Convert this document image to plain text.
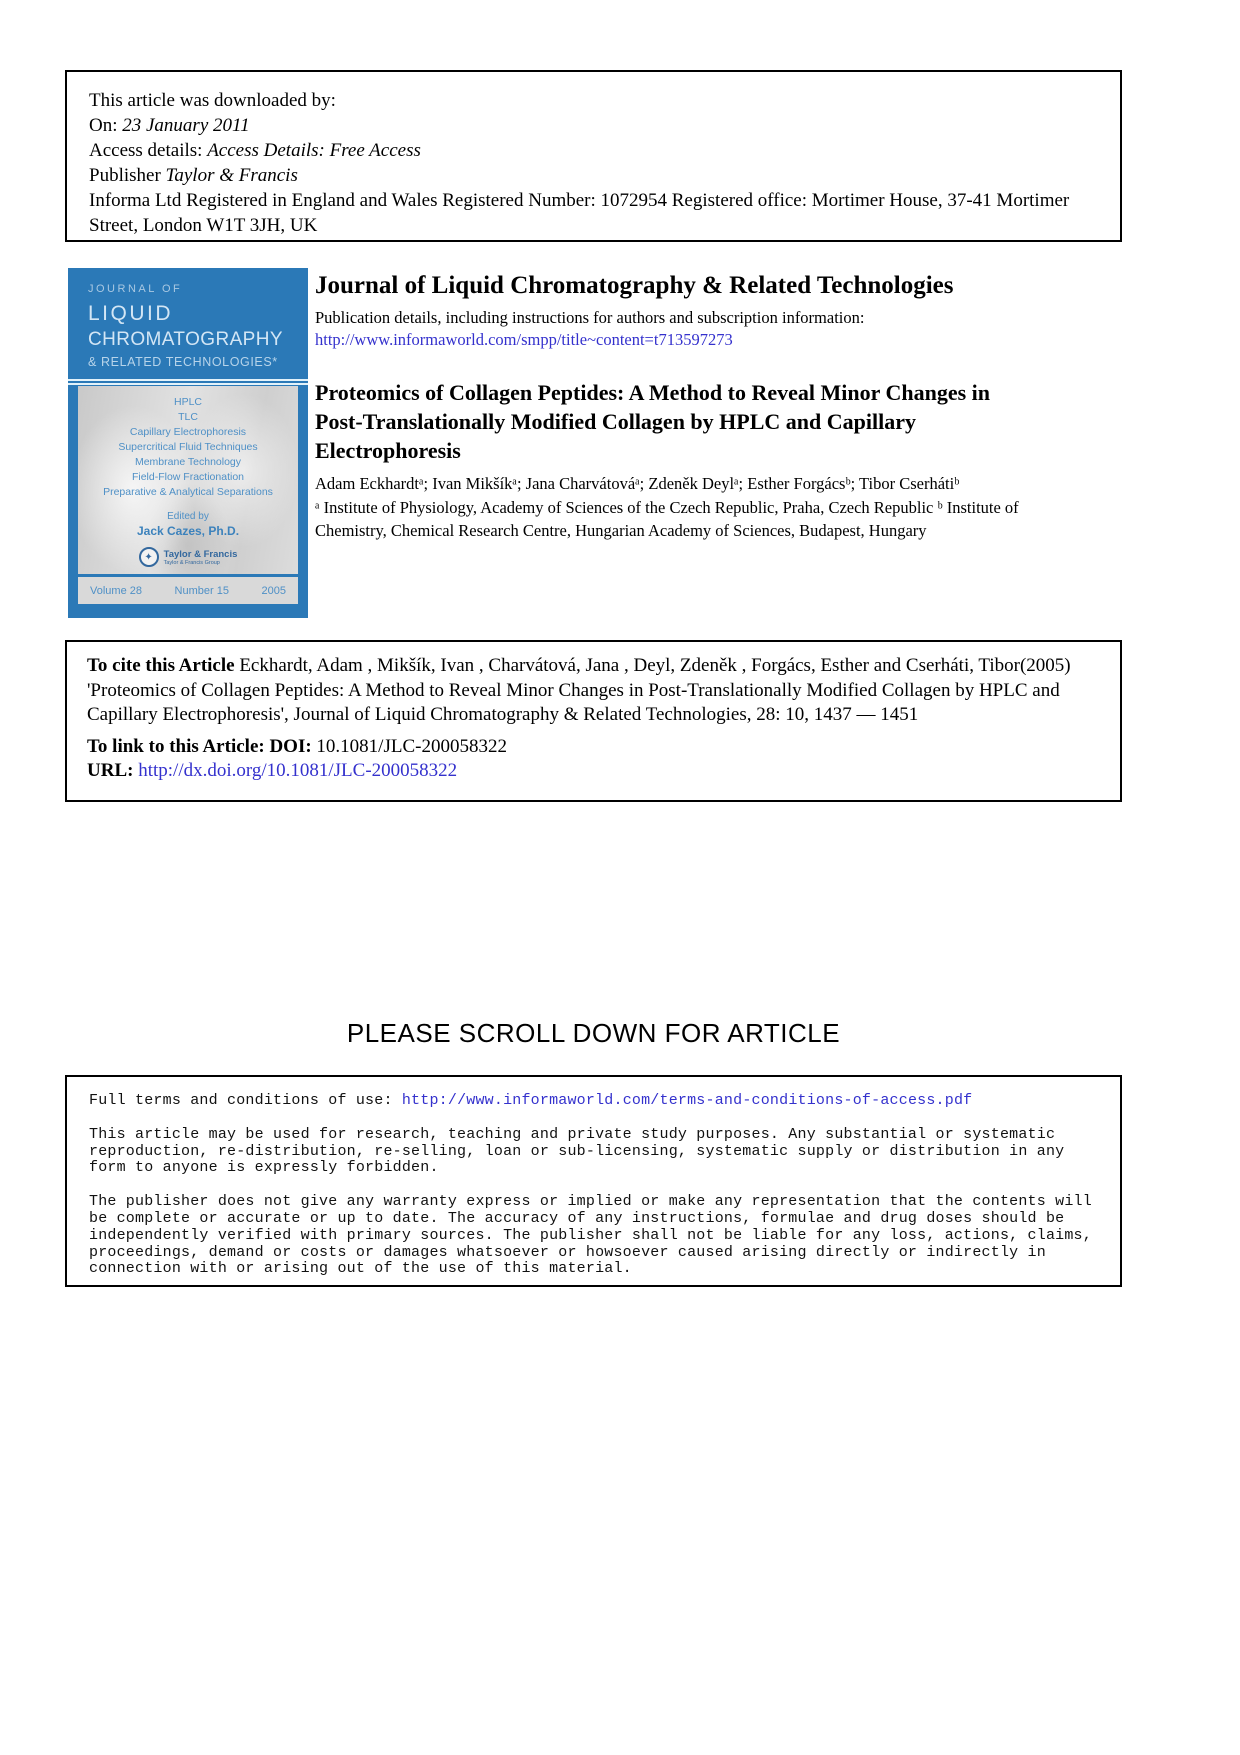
This article was downloaded by:
On: 23 January 2011
Access details: Access Details: Free Access
Publisher Taylor & Francis
Informa Ltd Registered in England and Wales Registered Number: 1072954 Registered office: Mortimer House, 37-41 Mortimer Street, London W1T 3JH, UK
JOURNAL OF
LIQUID
CHROMATOGRAPHY
& RELATED TECHNOLOGIES*
HPLC
TLC
Capillary Electrophoresis
Supercritical Fluid Techniques
Membrane Technology
Field-Flow Fractionation
Preparative & Analytical Separations
Edited by
Jack Cazes, Ph.D.
✦	Taylor & Francis
Taylor & Francis Group
Volume 28	Number 15	2005
Journal of Liquid Chromatography & Related Technologies
Publication details, including instructions for authors and subscription information:
http://www.informaworld.com/smpp/title~content=t713597273
Proteomics of Collagen Peptides: A Method to Reveal Minor Changes in Post-Translationally Modified Collagen by HPLC and Capillary Electrophoresis
Adam Eckhardtᵃ; Ivan Mikšíkᵃ; Jana Charvátováᵃ; Zdeněk Deylᵃ; Esther Forgácsᵇ; Tibor Cserhátiᵇ
ᵃ Institute of Physiology, Academy of Sciences of the Czech Republic, Praha, Czech Republic ᵇ Institute of Chemistry, Chemical Research Centre, Hungarian Academy of Sciences, Budapest, Hungary
To cite this Article Eckhardt, Adam , Mikšík, Ivan , Charvátová, Jana , Deyl, Zdeněk , Forgács, Esther and Cserháti, Tibor(2005) 'Proteomics of Collagen Peptides: A Method to Reveal Minor Changes in Post-Translationally Modified Collagen by HPLC and Capillary Electrophoresis', Journal of Liquid Chromatography & Related Technologies, 28: 10, 1437 — 1451
To link to this Article: DOI: 10.1081/JLC-200058322
URL: http://dx.doi.org/10.1081/JLC-200058322
PLEASE SCROLL DOWN FOR ARTICLE

Full terms and conditions of use: http://www.informaworld.com/terms-and-conditions-of-access.pdf

This article may be used for research, teaching and private study purposes. Any substantial or systematic reproduction, re-distribution, re-selling, loan or sub-licensing, systematic supply or distribution in any form to anyone is expressly forbidden.

The publisher does not give any warranty express or implied or make any representation that the contents will be complete or accurate or up to date. The accuracy of any instructions, formulae and drug doses should be independently verified with primary sources. The publisher shall not be liable for any loss, actions, claims, proceedings, demand or costs or damages whatsoever or howsoever caused arising directly or indirectly in connection with or arising out of the use of this material.
